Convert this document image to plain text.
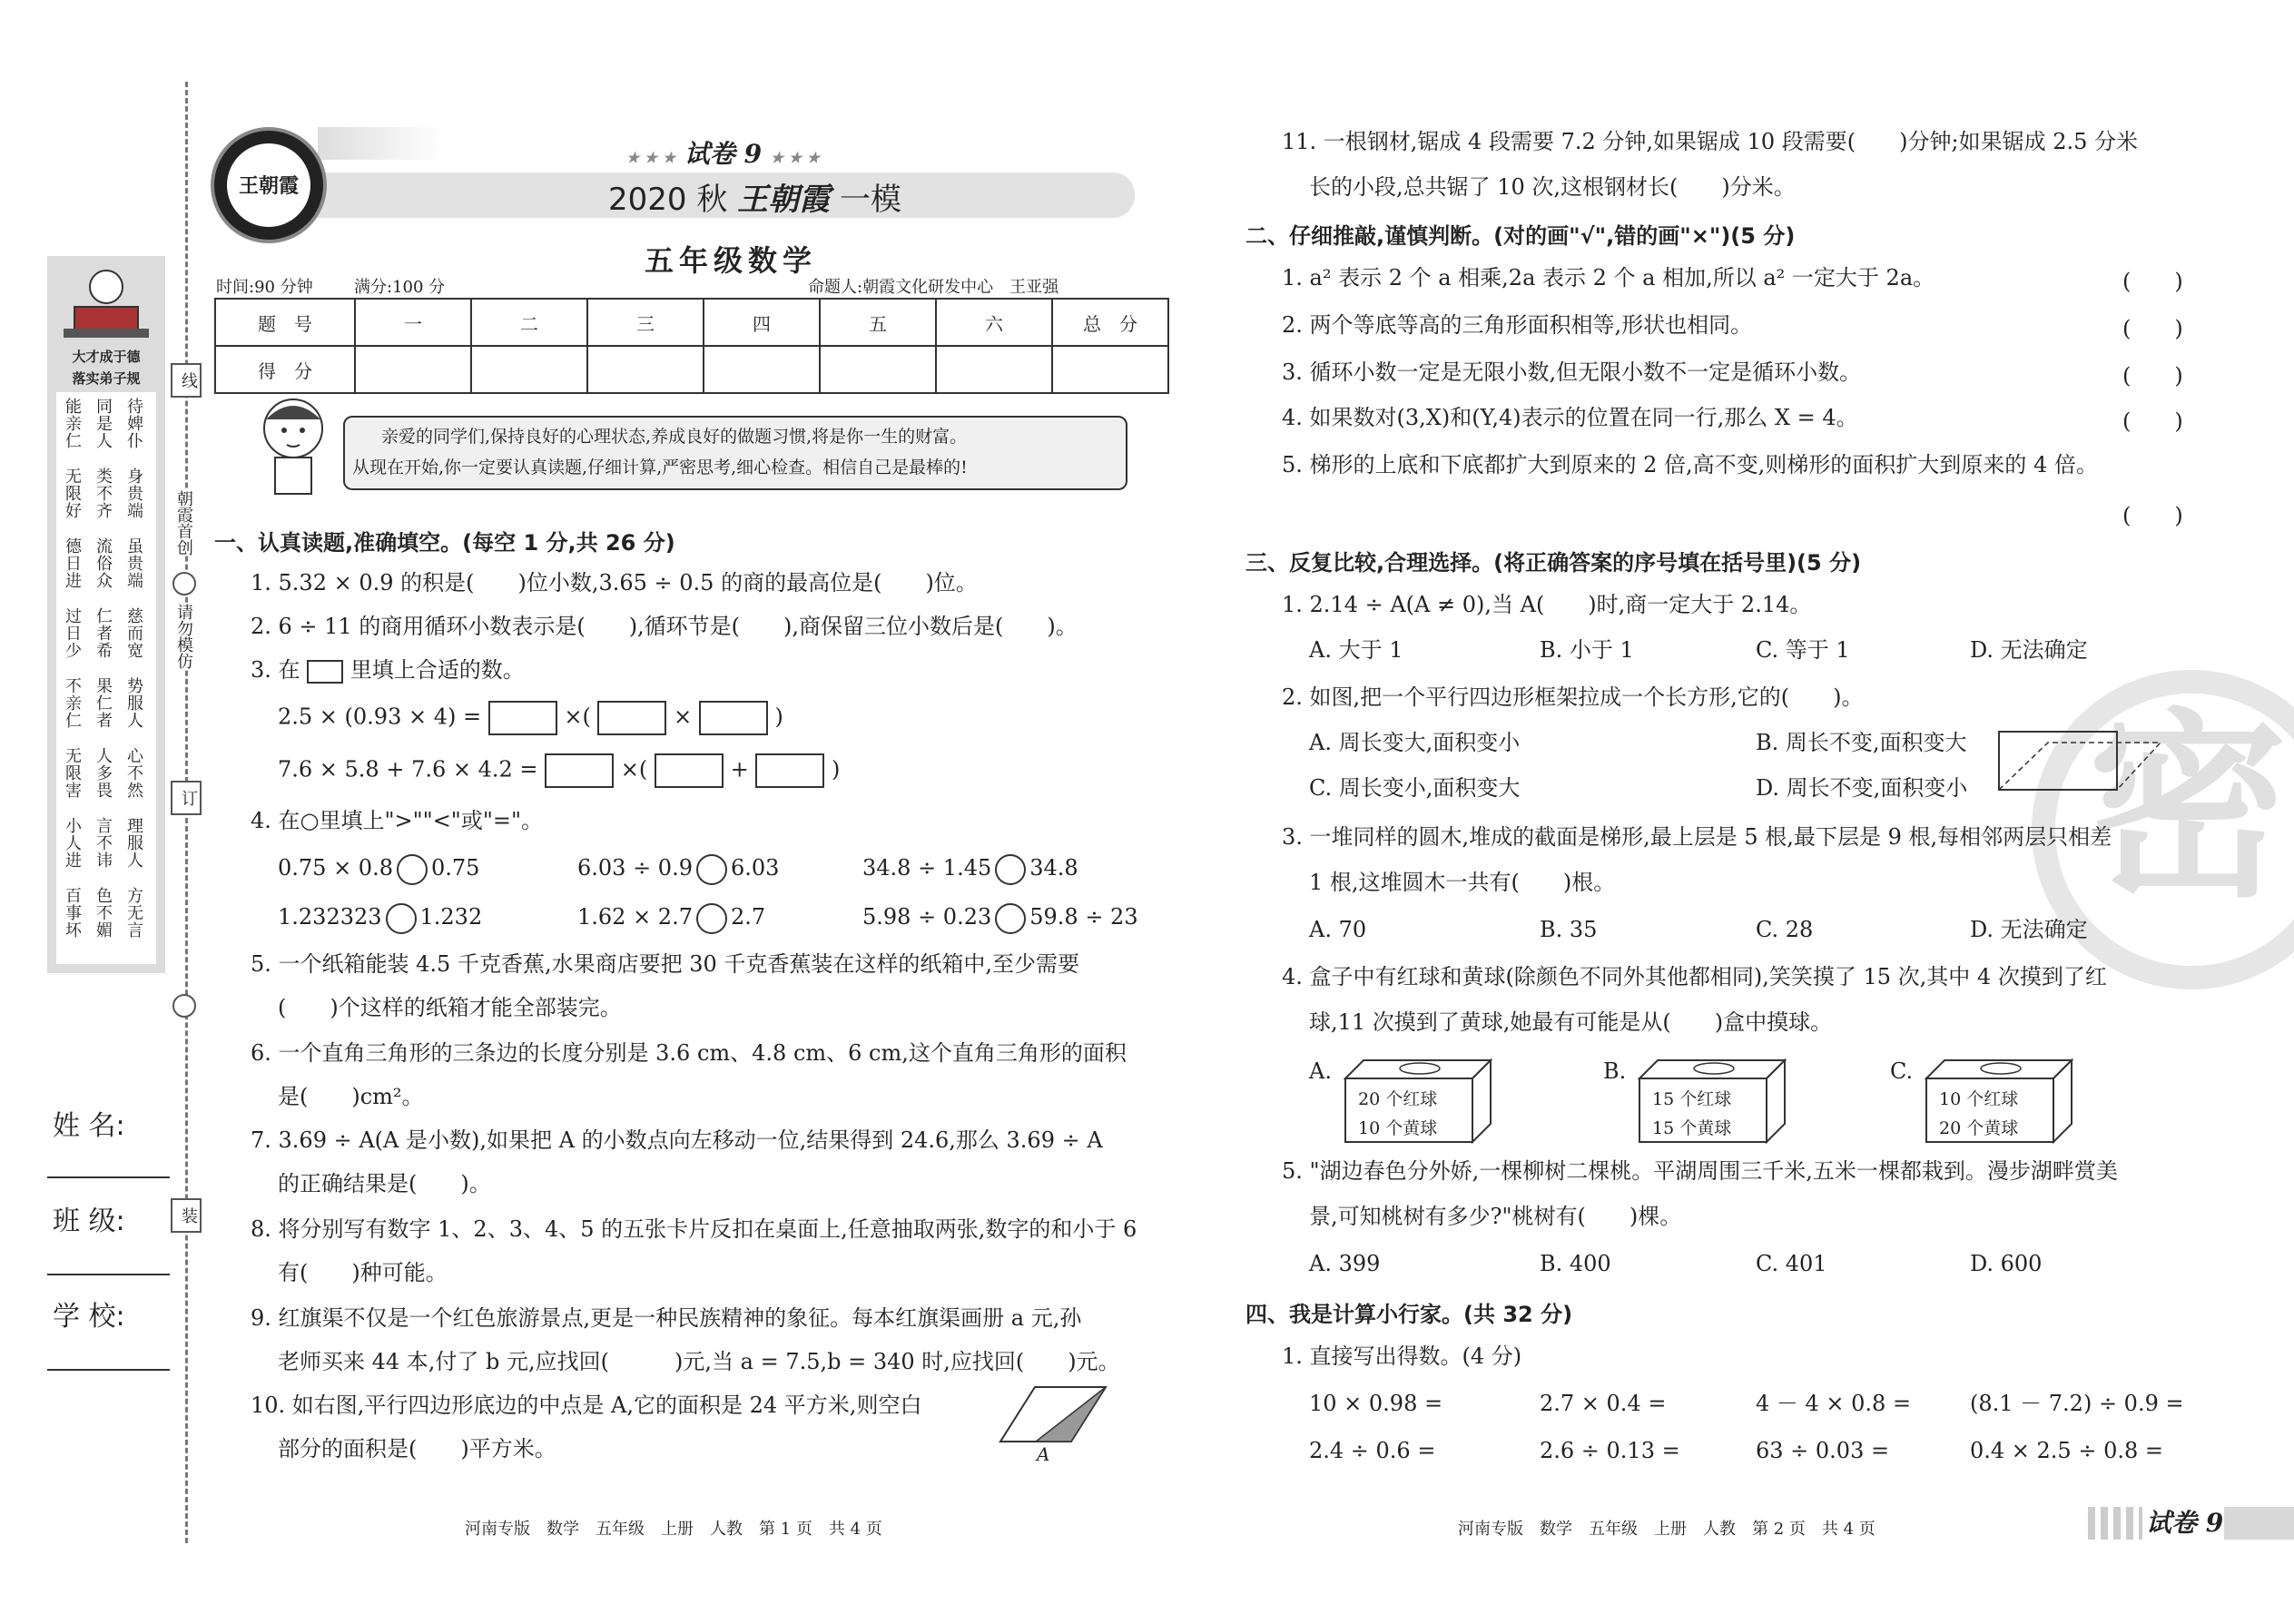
线
朝霞首创
请勿模仿
订
装
大才成于德
落实弟子规
能亲仁 同是人 待婢仆
无限好 类不齐 身贵端
德日进 流俗众 虽贵端
过日少 仁者希 慈而宽
不亲仁 果仁者 势服人
无限害 人多畏 心不然
小人进 言不讳 理服人
百事坏 色不媚 方无言
姓 名:
班 级:
学 校:
王朝霞
★ ★ ★ 试卷 9 ★ ★ ★
2020 秋 王朝霞 一模
五年级数学
时间:90 分钟	满分:100 分	命题人:朝霞文化研发中心　王亚强
题　号	一	二	三	四	五	六	总　分
得　分							
亲爱的同学们,保持良好的心理状态,养成良好的做题习惯,将是你一生的财富。
从现在开始,你一定要认真读题,仔细计算,严密思考,细心检查。相信自己是最棒的!
一、认真读题,准确填空。(每空 1 分,共 26 分)
1. 5.32 × 0.9 的积是(　　)位小数,3.65 ÷ 0.5 的商的最高位是(　　)位。
2. 6 ÷ 11 的商用循环小数表示是(　　),循环节是(　　),商保留三位小数后是(　　)。
3. 在 里填上合适的数。
2.5 × (0.93 × 4) =	×(	×	)
7.6 × 5.8 + 7.6 × 4.2 =	×(	+	)
4. 在○里填上">""<"或"="。
0.75 × 0.8 0.75	6.03 ÷ 0.9 6.03	34.8 ÷ 1.45 34.8
1.232323 1.232	1.62 × 2.7 2.7	5.98 ÷ 0.23 59.8 ÷ 23
5. 一个纸箱能装 4.5 千克香蕉,水果商店要把 30 千克香蕉装在这样的纸箱中,至少需要
(　　)个这样的纸箱才能全部装完。
6. 一个直角三角形的三条边的长度分别是 3.6 cm、4.8 cm、6 cm,这个直角三角形的面积
是(　　)cm²。
7. 3.69 ÷ A(A 是小数),如果把 A 的小数点向左移动一位,结果得到 24.6,那么 3.69 ÷ A
的正确结果是(　　)。
8. 将分别写有数字 1、2、3、4、5 的五张卡片反扣在桌面上,任意抽取两张,数字的和小于 6
有(　　)种可能。
9. 红旗渠不仅是一个红色旅游景点,更是一种民族精神的象征。每本红旗渠画册 a 元,孙
老师买来 44 本,付了 b 元,应找回(　　　)元,当 a = 7.5,b = 340 时,应找回(　　)元。
10. 如右图,平行四边形底边的中点是 A,它的面积是 24 平方米,则空白
部分的面积是(　　)平方米。	A
河南专版　数学　五年级　上册　人教　第 1 页　共 4 页
11. 一根钢材,锯成 4 段需要 7.2 分钟,如果锯成 10 段需要(　　)分钟;如果锯成 2.5 分米
长的小段,总共锯了 10 次,这根钢材长(　　)分米。
二、仔细推敲,谨慎判断。(对的画"√",错的画"×")(5 分)
1. a² 表示 2 个 a 相乘,2a 表示 2 个 a 相加,所以 a² 一定大于 2a。	(　　)
2. 两个等底等高的三角形面积相等,形状也相同。	(　　)
3. 循环小数一定是无限小数,但无限小数不一定是循环小数。	(　　)
4. 如果数对(3,X)和(Y,4)表示的位置在同一行,那么 X = 4。	(　　)
5. 梯形的上底和下底都扩大到原来的 2 倍,高不变,则梯形的面积扩大到原来的 4 倍。
(　　)
密
三、反复比较,合理选择。(将正确答案的序号填在括号里)(5 分)
1. 2.14 ÷ A(A ≠ 0),当 A(　　)时,商一定大于 2.14。
A. 大于 1	B. 小于 1	C. 等于 1	D. 无法确定
2. 如图,把一个平行四边形框架拉成一个长方形,它的(　　)。
A. 周长变大,面积变小	B. 周长不变,面积变大
C. 周长变小,面积变大	D. 周长不变,面积变小
3. 一堆同样的圆木,堆成的截面是梯形,最上层是 5 根,最下层是 9 根,每相邻两层只相差
1 根,这堆圆木一共有(　　)根。
A. 70	B. 35	C. 28	D. 无法确定
4. 盒子中有红球和黄球(除颜色不同外其他都相同),笑笑摸了 15 次,其中 4 次摸到了红
球,11 次摸到了黄球,她最有可能是从(　　)盒中摸球。
A.
20 个红球
10 个黄球
B.
15 个红球
15 个黄球
C.
10 个红球
20 个黄球
5. "湖边春色分外娇,一棵柳树二棵桃。平湖周围三千米,五米一棵都栽到。漫步湖畔赏美
景,可知桃树有多少?"桃树有(　　)棵。
A. 399	B. 400	C. 401	D. 600
四、我是计算小行家。(共 32 分)
1. 直接写出得数。(4 分)
10 × 0.98 =	2.7 × 0.4 =	4 － 4 × 0.8 =	(8.1 － 7.2) ÷ 0.9 =
2.4 ÷ 0.6 =	2.6 ÷ 0.13 =	63 ÷ 0.03 =	0.4 × 2.5 ÷ 0.8 =
河南专版　数学　五年级　上册　人教　第 2 页　共 4 页	试卷 9
